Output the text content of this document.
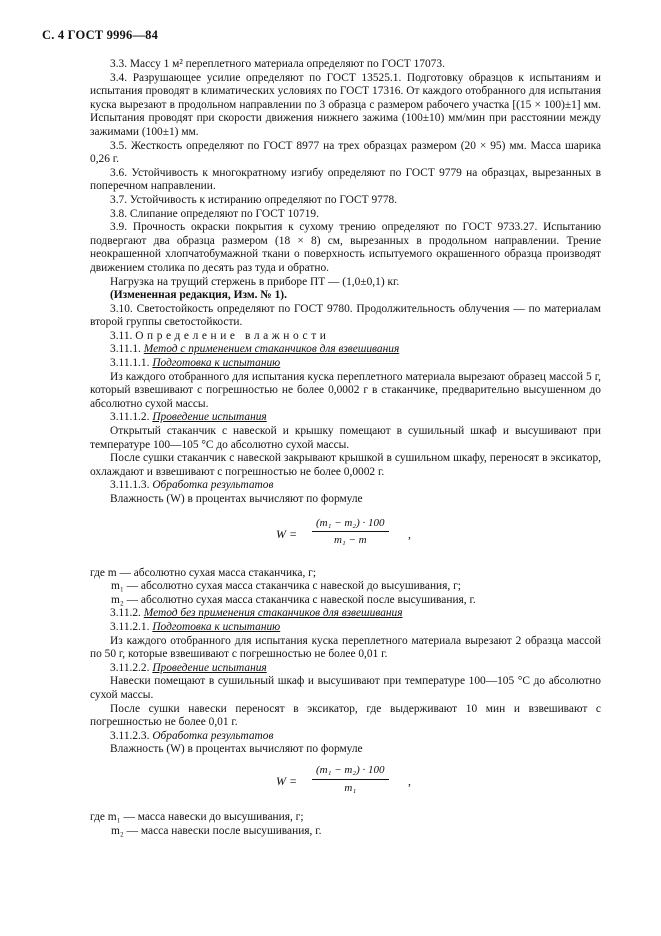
С. 4 ГОСТ 9996—84

3.3. Массу 1 м² переплетного материала определяют по ГОСТ 17073.

3.4. Разрушающее усилие определяют по ГОСТ 13525.1. Подготовку образцов к испытаниям и испытания проводят в климатических условиях по ГОСТ 17316. От каждого отобранного для испытания куска вырезают в продольном направлении по 3 образца с размером рабочего участка [(15 × 100)±1] мм. Испытания проводят при скорости движения нижнего зажима (100±10) мм/мин при расстоянии между зажимами (100±1) мм.

3.5. Жесткость определяют по ГОСТ 8977 на трех образцах размером (20 × 95) мм. Масса шарика 0,26 г.

3.6. Устойчивость к многократному изгибу определяют по ГОСТ 9779 на образцах, вырезанных в поперечном направлении.

3.7. Устойчивость к истиранию определяют по ГОСТ 9778.

3.8. Слипание определяют по ГОСТ 10719.

3.9. Прочность окраски покрытия к сухому трению определяют по ГОСТ 9733.27. Испытанию подвергают два образца размером (18 × 8) см, вырезанных в продольном направлении. Трение неокрашенной хлопчатобумажной ткани о поверхность испытуемого окрашенного образца производят движением столика по десять раз туда и обратно.

Нагрузка на трущий стержень в приборе ПТ — (1,0±0,1) кг.

(Измененная редакция, Изм. № 1).

3.10. Светостойкость определяют по ГОСТ 9780. Продолжительность облучения — по материалам второй группы светостойкости.

3.11. Определение влажности

3.11.1. Метод с применением стаканчиков для взвешивания

3.11.1.1. Подготовка к испытанию

Из каждого отобранного для испытания куска переплетного материала вырезают образец массой 5 г, который взвешивают с погрешностью не более 0,0002 г в стаканчике, предварительно высушенном до абсолютно сухой массы.

3.11.1.2. Проведение испытания

Открытый стаканчик с навеской и крышку помещают в сушильный шкаф и высушивают при температуре 100—105 °С до абсолютно сухой массы.

После сушки стаканчик с навеской закрывают крышкой в сушильном шкафу, переносят в эксикатор, охлаждают и взвешивают с погрешностью не более 0,0002 г.

3.11.1.3. Обработка результатов

Влажность (W) в процентах вычисляют по формуле

$W = \frac{\text{(m₁ − m₂) · 100}}{\text{m₁ − m}}$ ,

где m — абсолютно сухая масса стаканчика, г;

m₁ — абсолютно сухая масса стаканчика с навеской до высушивания, г;

m₂ — абсолютно сухая масса стаканчика с навеской после высушивания, г.

3.11.2. Метод без применения стаканчиков для взвешивания

3.11.2.1. Подготовка к испытанию

Из каждого отобранного для испытания куска переплетного материала вырезают 2 образца массой по 50 г, которые взвешивают с погрешностью не более 0,01 г.

3.11.2.2. Проведение испытания

Навески помещают в сушильный шкаф и высушивают при температуре 100—105 °С до абсолютно сухой массы.

После сушки навески переносят в эксикатор, где выдерживают 10 мин и взвешивают с погрешностью не более 0,01 г.

3.11.2.3. Обработка результатов

Влажность (W) в процентах вычисляют по формуле

$W = \frac{\text{(m₁ − m₂) · 100}}{\text{m₁}}$ ,

где m₁ — масса навески до высушивания, г;

m₂ — масса навески после высушивания, г.
